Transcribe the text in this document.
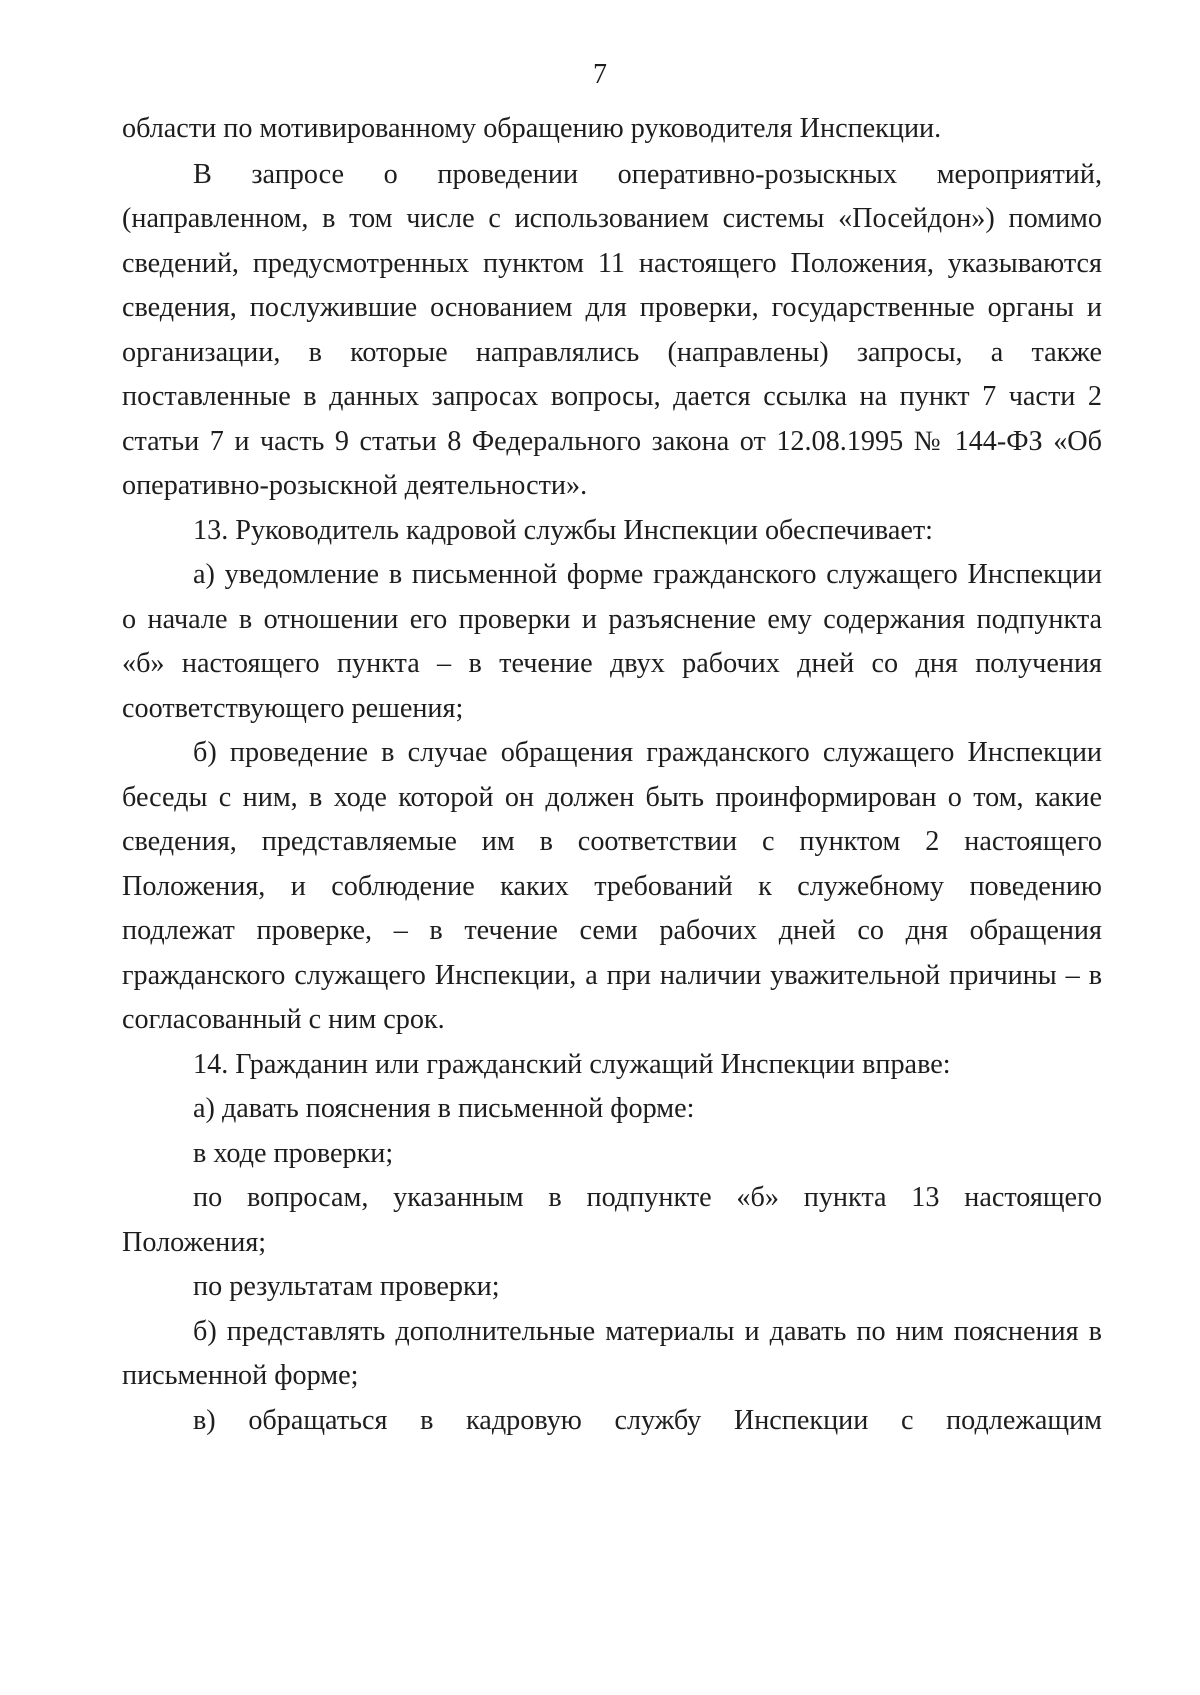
7
области по мотивированному обращению руководителя Инспекции.
В запросе о проведении оперативно-розыскных мероприятий,
(направленном, в том числе с использованием системы «Посейдон») помимо
сведений, предусмотренных пунктом 11 настоящего Положения, указываются
сведения, послужившие основанием для проверки, государственные органы и
организации, в которые направлялись (направлены) запросы, а также
поставленные в данных запросах вопросы, дается ссылка на пункт 7 части 2
статьи 7 и часть 9 статьи 8 Федерального закона от 12.08.1995 № 144-ФЗ «Об
оперативно-розыскной деятельности».
13. Руководитель кадровой службы Инспекции обеспечивает:
а) уведомление в письменной форме гражданского служащего Инспекции
о начале в отношении его проверки и разъяснение ему содержания подпункта
«б» настоящего пункта – в течение двух рабочих дней со дня получения
соответствующего решения;
б) проведение в случае обращения гражданского служащего Инспекции
беседы с ним, в ходе которой он должен быть проинформирован о том, какие
сведения, представляемые им в соответствии с пунктом 2 настоящего
Положения, и соблюдение каких требований к служебному поведению
подлежат проверке, – в течение семи рабочих дней со дня обращения
гражданского служащего Инспекции, а при наличии уважительной причины – в
согласованный с ним срок.
14. Гражданин или гражданский служащий Инспекции вправе:
а) давать пояснения в письменной форме:
в ходе проверки;
по вопросам, указанным в подпункте «б» пункта 13 настоящего
Положения;
по результатам проверки;
б) представлять дополнительные материалы и давать по ним пояснения в
письменной форме;
в) обращаться в кадровую службу Инспекции с подлежащим
